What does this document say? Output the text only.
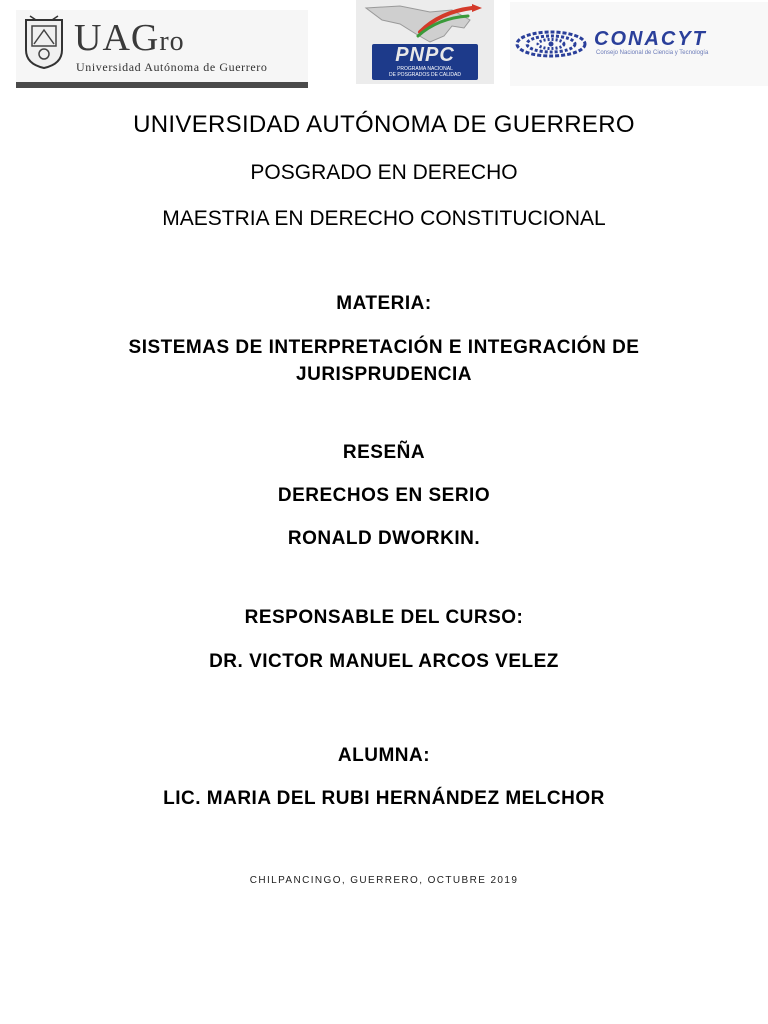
UAGro
Universidad Autónoma de Guerrero
PNPC
PROGRAMA NACIONAL
DE POSGRADOS DE CALIDAD
CONACYT
Consejo Nacional de Ciencia y Tecnología
UNIVERSIDAD AUTÓNOMA DE GUERRERO
POSGRADO EN DERECHO
MAESTRIA EN DERECHO CONSTITUCIONAL
MATERIA:
SISTEMAS DE INTERPRETACIÓN E INTEGRACIÓN DE
JURISPRUDENCIA
RESEÑA
DERECHOS EN SERIO
RONALD DWORKIN.
RESPONSABLE DEL CURSO:
DR. VICTOR MANUEL ARCOS VELEZ
ALUMNA:
LIC. MARIA DEL RUBI HERNÁNDEZ MELCHOR
CHILPANCINGO, GUERRERO, OCTUBRE 2019
